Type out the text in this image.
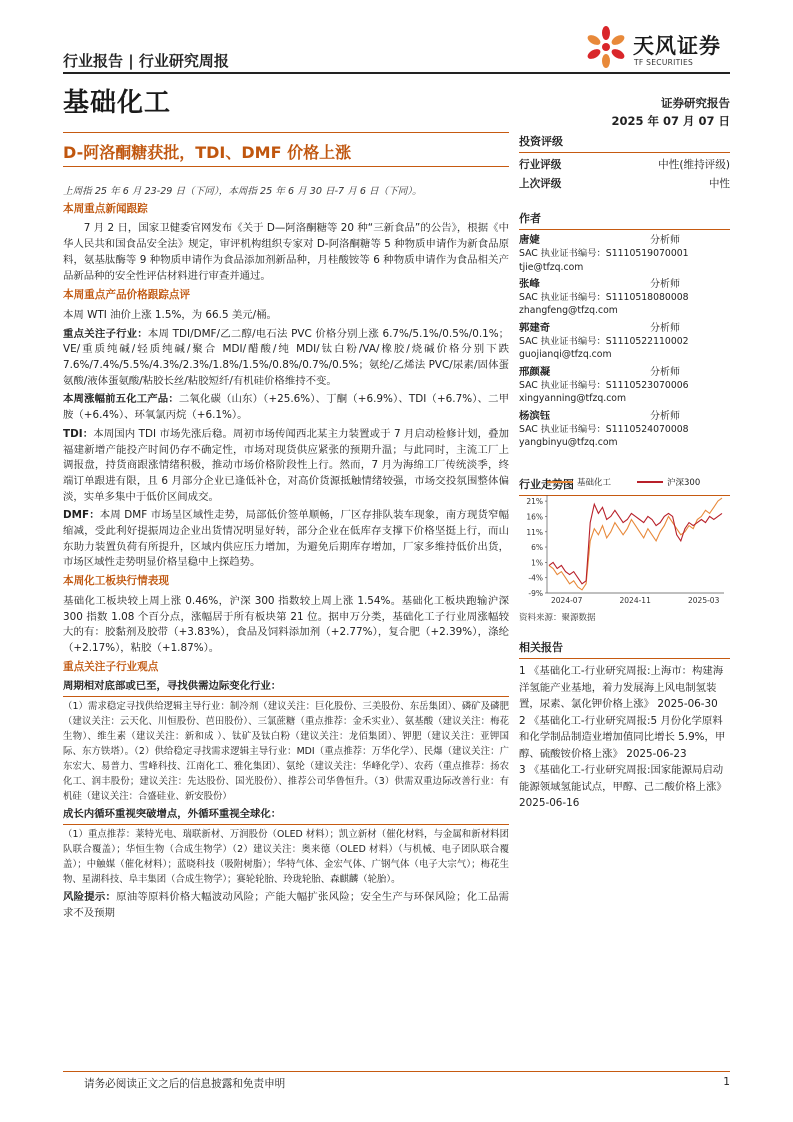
行业报告 | 行业研究周报
基础化工
天风证券
TF SECURITIES
证券研究报告
2025 年 07 月 07 日
D-阿洛酮糖获批，TDI、DMF 价格上涨

上周指 25 年 6 月 23-29 日（下同），本周指 25 年 6 月 30 日-7 月 6 日（下同）。

本周重点新闻跟踪

7 月 2 日，国家卫健委官网发布《关于 D—阿洛酮糖等 20 种“三新食品”的公告》，根据《中华人民共和国食品安全法》规定，审评机构组织专家对 D-阿洛酮糖等 5 种物质申请作为新食品原料，氨基肽酶等 9 种物质申请作为食品添加剂新品种，月桂酸铵等 6 种物质申请作为食品相关产品新品种的安全性评估材料进行审查并通过。

本周重点产品价格跟踪点评

本周 WTI 油价上涨 1.5%，为 66.5 美元/桶。

重点关注子行业：本周 TDI/DMF/乙二醇/电石法 PVC 价格分别上涨 6.7%/5.1%/0.5%/0.1%；VE/重质纯碱/轻质纯碱/聚合 MDI/醋酸/纯 MDI/钛白粉/VA/橡胶/烧碱价格分别下跌 7.6%/7.4%/5.5%/4.3%/2.3%/1.8%/1.5%/0.8%/0.7%/0.5%；氨纶/乙烯法 PVC/尿素/固体蛋氨酸/液体蛋氨酸/粘胶长丝/粘胶短纤/有机硅价格维持不变。

本周涨幅前五化工产品：二氧化碳（山东）（+25.6%）、丁酮（+6.9%）、TDI（+6.7%）、二甲胺（+6.4%）、环氧氯丙烷（+6.1%）。

TDI：本周国内 TDI 市场先涨后稳。周初市场传闻西北某主力装置或于 7 月启动检修计划，叠加福建新增产能投产时间仍存不确定性，市场对现货供应紧张的预期升温；与此同时，主流工厂上调报盘，持货商跟涨情绪积极，推动市场价格阶段性上行。然而，7 月为海绵工厂传统淡季，终端订单跟进有限，且 6 月部分企业已逢低补仓，对高价货源抵触情绪较强，市场交投氛围整体偏淡，实单多集中于低价区间成交。

DMF：本周 DMF 市场呈区域性走势，局部低价签单顺畅，厂区存排队装车现象，南方现货窄幅缩减，受此利好提振周边企业出货情况明显好转，部分企业在低库存支撑下价格坚挺上行，而山东助力装置负荷有所提升，区域内供应压力增加，为避免后期库存增加，厂家多维持低价出货，市场区域性走势明显价格呈稳中上探趋势。

本周化工板块行情表现

基础化工板块较上周上涨 0.46%，沪深 300 指数较上周上涨 1.54%。基础化工板块跑输沪深 300 指数 1.08 个百分点，涨幅居于所有板块第 21 位。据申万分类，基础化工子行业周涨幅较大的有：胶黏剂及胶带（+3.83%），食品及饲料添加剂（+2.77%），复合肥（+2.39%），涤纶（+2.17%），粘胶（+1.87%）。

重点关注子行业观点

周期相对底部或已至，寻找供需边际变化行业：

（1）需求稳定寻找供给逻辑主导行业：制冷剂（建议关注：巨化股份、三美股份、东岳集团）、磷矿及磷肥（建议关注：云天化、川恒股份、芭田股份）、三氯蔗糖（重点推荐：金禾实业）、氨基酸（建议关注：梅花生物）、维生素（建议关注：新和成 ）、钛矿及钛白粉（建议关注：龙佰集团）、钾肥（建议关注：亚钾国际、东方铁塔）。（2）供给稳定寻找需求逻辑主导行业：MDI（重点推荐：万华化学）、民爆（建议关注：广东宏大、易普力、雪峰科技、江南化工、雅化集团）、氨纶（建议关注：华峰化学）、农药（重点推荐：扬农化工、润丰股份；建议关注：先达股份、国光股份）、推荐公司华鲁恒升。（3）供需双重边际改善行业：有机硅（建议关注：合盛硅业、新安股份）

成长内循环重视突破增点，外循环重视全球化：

（1）重点推荐：莱特光电、瑞联新材、万润股份（OLED 材料）；凯立新材（催化材料，与金属和新材料团队联合覆盖）；华恒生物（合成生物学）（2）建议关注：奥来德（OLED 材料）（与机械、电子团队联合覆盖）；中触媒（催化材料）；蓝晓科技（吸附树脂）；华特气体、金宏气体、广钢气体（电子大宗气）；梅花生物、星湖科技、阜丰集团（合成生物学）；赛轮轮胎、玲珑轮胎、森麒麟（轮胎）。

风险提示：原油等原料价格大幅波动风险；产能大幅扩张风险；安全生产与环保风险；化工品需求不及预期

投资评级
行业评级	中性(维持评级)
上次评级	中性
作者
唐婕	分析师
SAC 执业证书编号：S1110519070001
tjie@tfzq.com
张峰	分析师
SAC 执业证书编号：S1110518080008
zhangfeng@tfzq.com
郭建奇	分析师
SAC 执业证书编号：S1110522110002
guojianqi@tfzq.com
邢颜凝	分析师
SAC 执业证书编号：S1110523070006
xingyanning@tfzq.com
杨滨钰	分析师
SAC 执业证书编号：S1110524070008
yangbinyu@tfzq.com
行业走势图 基础化工	沪深300
-9%
-4%
1%
6%
11%
16%
21%
2024-07	2024-11	2025-03
资料来源：聚源数据
相关报告

1 《基础化工-行业研究周报:上海市：构建海洋氢能产业基地，着力发展海上风电制氢装置，尿素、氯化钾价格上涨》 2025-06-30

2 《基础化工-行业研究周报:5 月份化学原料和化学制品制造业增加值同比增长 5.9%，甲醇、硫酸铵价格上涨》 2025-06-23

3 《基础化工-行业研究周报:国家能源局启动能源领域氢能试点，甲醇、己二酸价格上涨》 2025-06-16

请务必阅读正文之后的信息披露和免责申明	1
